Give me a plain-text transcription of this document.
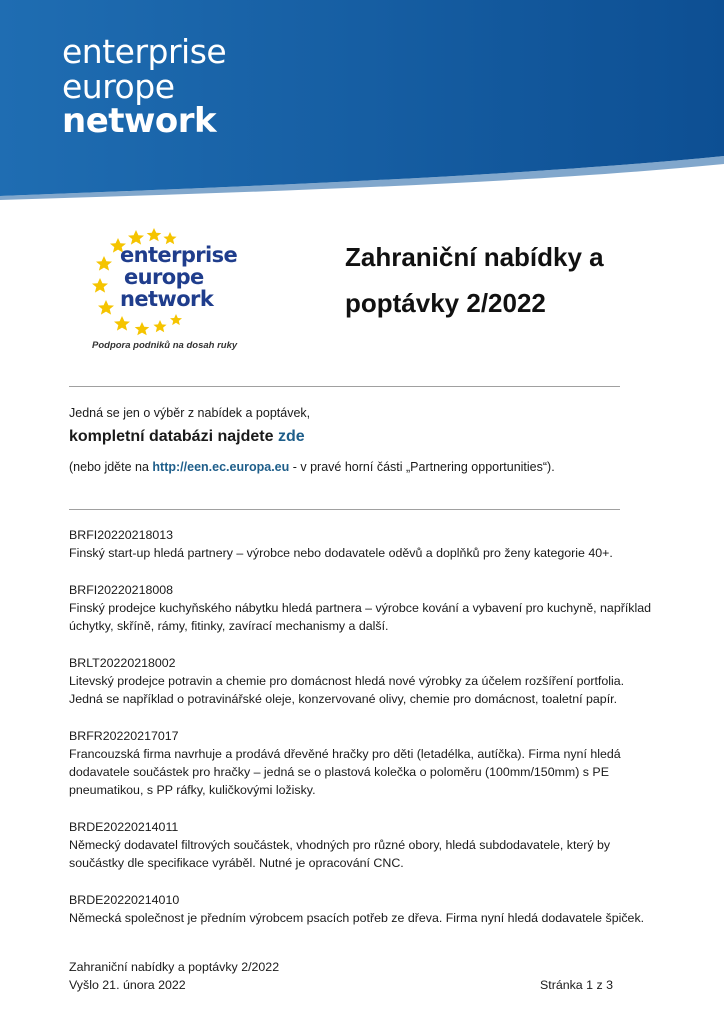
enterprise
europe
network
enterprise
europe
network
Podpora podniků na dosah ruky
Zahraniční nabídky a
poptávky 2/2022
Jedná se jen o výběr z nabídek a poptávek,
kompletní databázi najdete zde
(nebo jděte na http://een.ec.europa.eu - v pravé horní části „Partnering opportunities“).
BRFI20220218013
Finský start-up hledá partnery – výrobce nebo dodavatele oděvů a doplňků pro ženy kategorie 40+.
BRFI20220218008
Finský prodejce kuchyňského nábytku hledá partnera – výrobce kování a vybavení pro kuchyně, například úchytky, skříně, rámy, fitinky, zavírací mechanismy a další.
BRLT20220218002
Litevský prodejce potravin a chemie pro domácnost hledá nové výrobky za účelem rozšíření portfolia. Jedná se například o potravinářské oleje, konzervované olivy, chemie pro domácnost, toaletní papír.
BRFR20220217017
Francouzská firma navrhuje a prodává dřevěné hračky pro děti (letadélka, autíčka). Firma nyní hledá dodavatele součástek pro hračky – jedná se o plastová kolečka o poloměru (100mm/150mm) s PE pneumatikou, s PP ráfky, kuličkovými ložisky.
BRDE20220214011
Německý dodavatel filtrových součástek, vhodných pro různé obory, hledá subdodavatele, který by součástky dle specifikace vyráběl. Nutné je opracování CNC.
BRDE20220214010
Německá společnost je předním výrobcem psacích potřeb ze dřeva. Firma nyní hledá dodavatele špiček.
Zahraniční nabídky a poptávky 2/2022
Vyšlo 21. února 2022	Stránka 1 z 3
